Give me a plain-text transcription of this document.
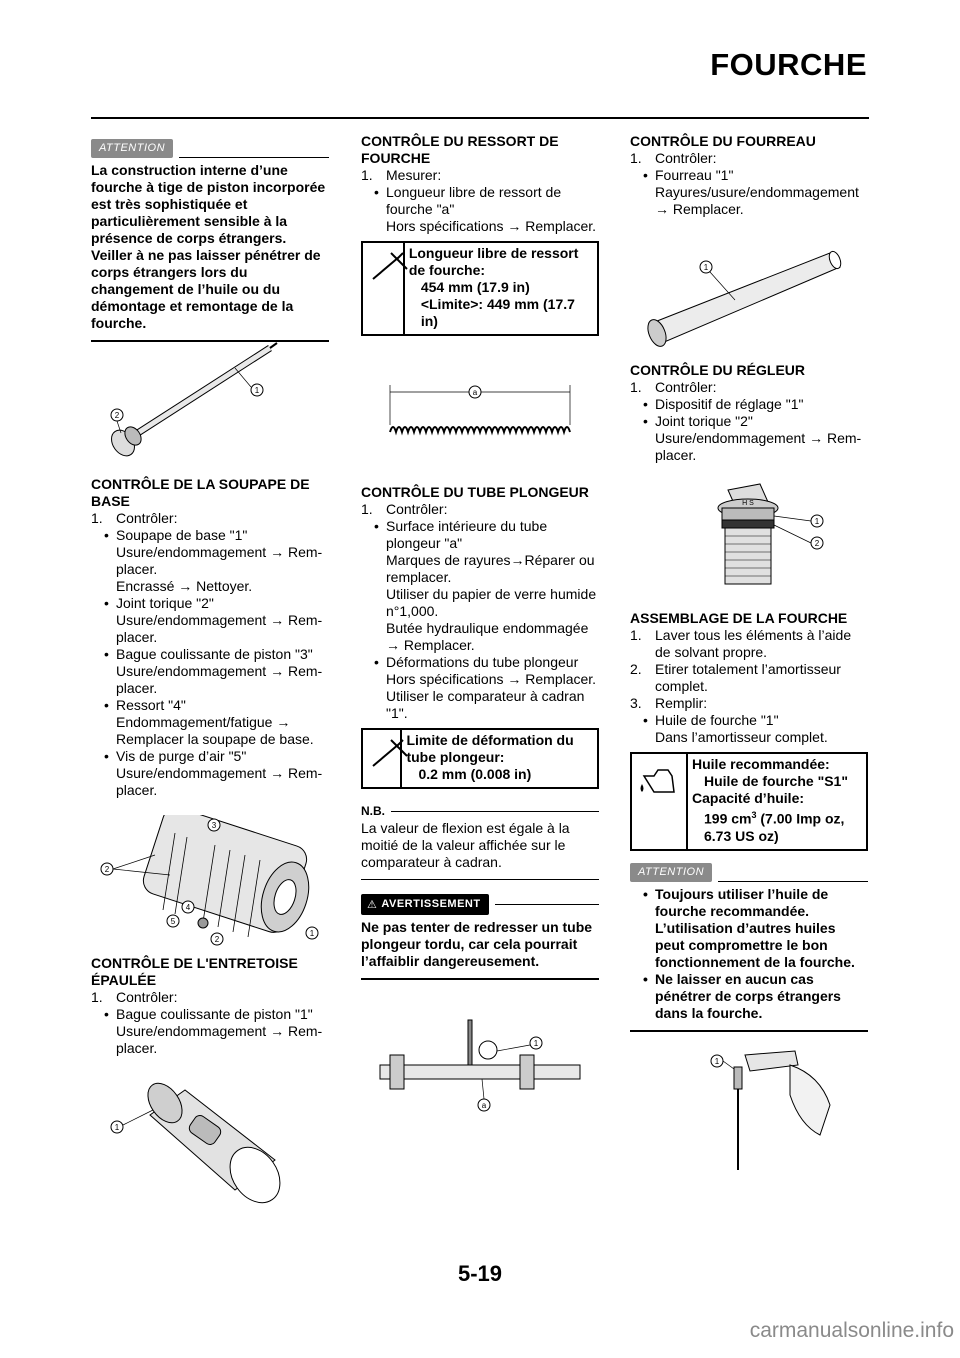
FOURCHE
ATTENTION

La construction interne d’une fourche à tige de piston incorporée est très sophistiquée et particulièrement sensible à la présence de corps étrangers. Veiller à ne pas laisser pénétrer de corps étrangers lors du changement de l’huile ou du démontage et remontage de la fourche.

1
2

CONTRÔLE DE LA SOUPAPE DE BASE

1. Contrôler:
• Soupape de base "1"
Usure/endommagement → Rem-
placer.
Encrassé → Nettoyer.
• Joint torique "2"
Usure/endommagement → Rem-
placer.
• Bague coulissante de piston "3"
Usure/endommagement → Rem-
placer.
• Ressort "4"
Endommagement/fatigue →
Remplacer la soupape de base.
• Vis de purge d’air "5"
Usure/endommagement → Rem-
placer.
3
2
4
5
2
1

CONTRÔLE DE L'ENTRETOISE ÉPAULÉE

1. Contrôler:
• Bague coulissante de piston "1"
Usure/endommagement → Rem-
placer.
1

CONTRÔLE DU RESSORT DE FOURCHE

1. Mesurer:
• Longueur libre de ressort de fourche "a"
Hors spécifications → Remplacer.
Longueur libre de ressort de fourche:
454 mm (17.9 in)
<Limite>: 449 mm (17.7 in)
a

CONTRÔLE DU TUBE PLONGEUR

1. Contrôler:
• Surface intérieure du tube plongeur "a"
Marques de rayures→Réparer ou
remplacer.
Utiliser du papier de verre humide
n°1,000.
Butée hydraulique endommagée
→ Remplacer.
• Déformations du tube plongeur
Hors spécifications → Remplacer.
Utiliser le comparateur à cadran
"1".
Limite de déformation du tube plongeur:
0.2 mm (0.008 in)
N.B.

La valeur de flexion est égale à la moitié de la valeur affichée sur le comparateur à cadran.

⚠ AVERTISSEMENT

Ne pas tenter de redresser un tube plongeur tordu, car cela pourrait l’affaiblir dangereusement.

1
a

CONTRÔLE DU FOURREAU

1. Contrôler:
• Fourreau "1"
Rayures/usure/endommagement
→ Remplacer.
1

CONTRÔLE DU RÉGLEUR

1. Contrôler:
• Dispositif de réglage "1"
• Joint torique "2"
Usure/endommagement → Rem-
placer.
H S
1
2

ASSEMBLAGE DE LA FOURCHE

1. Laver tous les éléments à l’aide de solvant propre.
2. Etirer totalement l’amortisseur complet.
3. Remplir:
• Huile de fourche "1"
Dans l’amortisseur complet.
Huile recommandée:
Huile de fourche "S1"
Capacité d’huile:
199 $cm^3$ (7.00 Imp oz,
6.73 US oz)
ATTENTION
• Toujours utiliser l’huile de fourche recommandée. L’utilisation d’autres huiles peut compromettre le bon fonctionnement de la fourche.
• Ne laisser en aucun cas pénétrer de corps étrangers dans la fourche.
1
5-19
carmanualsonline.info
